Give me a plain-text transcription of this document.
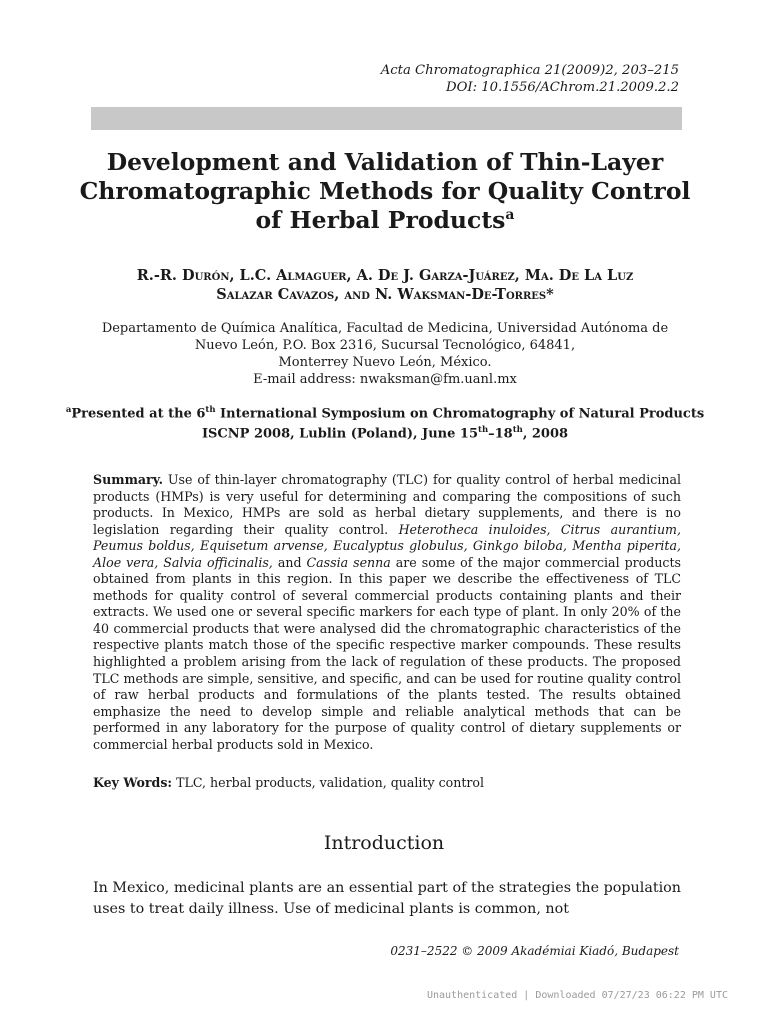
Acta Chromatographica 21(2009)2, 203–215
DOI: 10.1556/AChrom.21.2009.2.2
Development and Validation of Thin-Layer
Chromatographic Methods for Quality Control
of Herbal Products$^a$
R.-R. Durón, L.C. Almaguer, A. De J. Garza-Juárez, Ma. De La Luz
Salazar Cavazos, and N. Waksman-De-Torres*
Departamento de Química Analítica, Facultad de Medicina, Universidad Autónoma de
Nuevo León, P.O. Box 2316, Sucursal Tecnológico, 64841,
Monterrey Nuevo León, México.
E-mail address: nwaksman@fm.uanl.mx
$^a$Presented at the 6th International Symposium on Chromatography of Natural Products
ISCNP 2008, Lublin (Poland), June 15th–18th, 2008
Summary. Use of thin-layer chromatography (TLC) for quality control of herbal medicinal products (HMPs) is very useful for determining and comparing the compositions of such products. In Mexico, HMPs are sold as herbal dietary supplements, and there is no legislation regarding their quality control. Heterotheca inuloides, Citrus aurantium, Peumus boldus, Equisetum arvense, Eucalyptus globulus, Ginkgo biloba, Mentha piperita, Aloe vera, Salvia officinalis, and Cassia senna are some of the major commercial products obtained from plants in this region. In this paper we describe the effectiveness of TLC methods for quality control of several commercial products containing plants and their extracts. We used one or several specific markers for each type of plant. In only 20% of the 40 commercial products that were analysed did the chromatographic characteristics of the respective plants match those of the specific respective marker compounds. These results highlighted a problem arising from the lack of regulation of these products. The proposed TLC methods are simple, sensitive, and specific, and can be used for routine quality control of raw herbal products and formulations of the plants tested. The results obtained emphasize the need to develop simple and reliable analytical methods that can be performed in any laboratory for the purpose of quality control of dietary supplements or commercial herbal products sold in Mexico.
Key Words: TLC, herbal products, validation, quality control
Introduction
In Mexico, medicinal plants are an essential part of the strategies the population uses to treat daily illness. Use of medicinal plants is common, not
0231–2522 © 2009 Akadémiai Kiadó, Budapest
Unauthenticated | Downloaded 07/27/23 06:22 PM UTC
